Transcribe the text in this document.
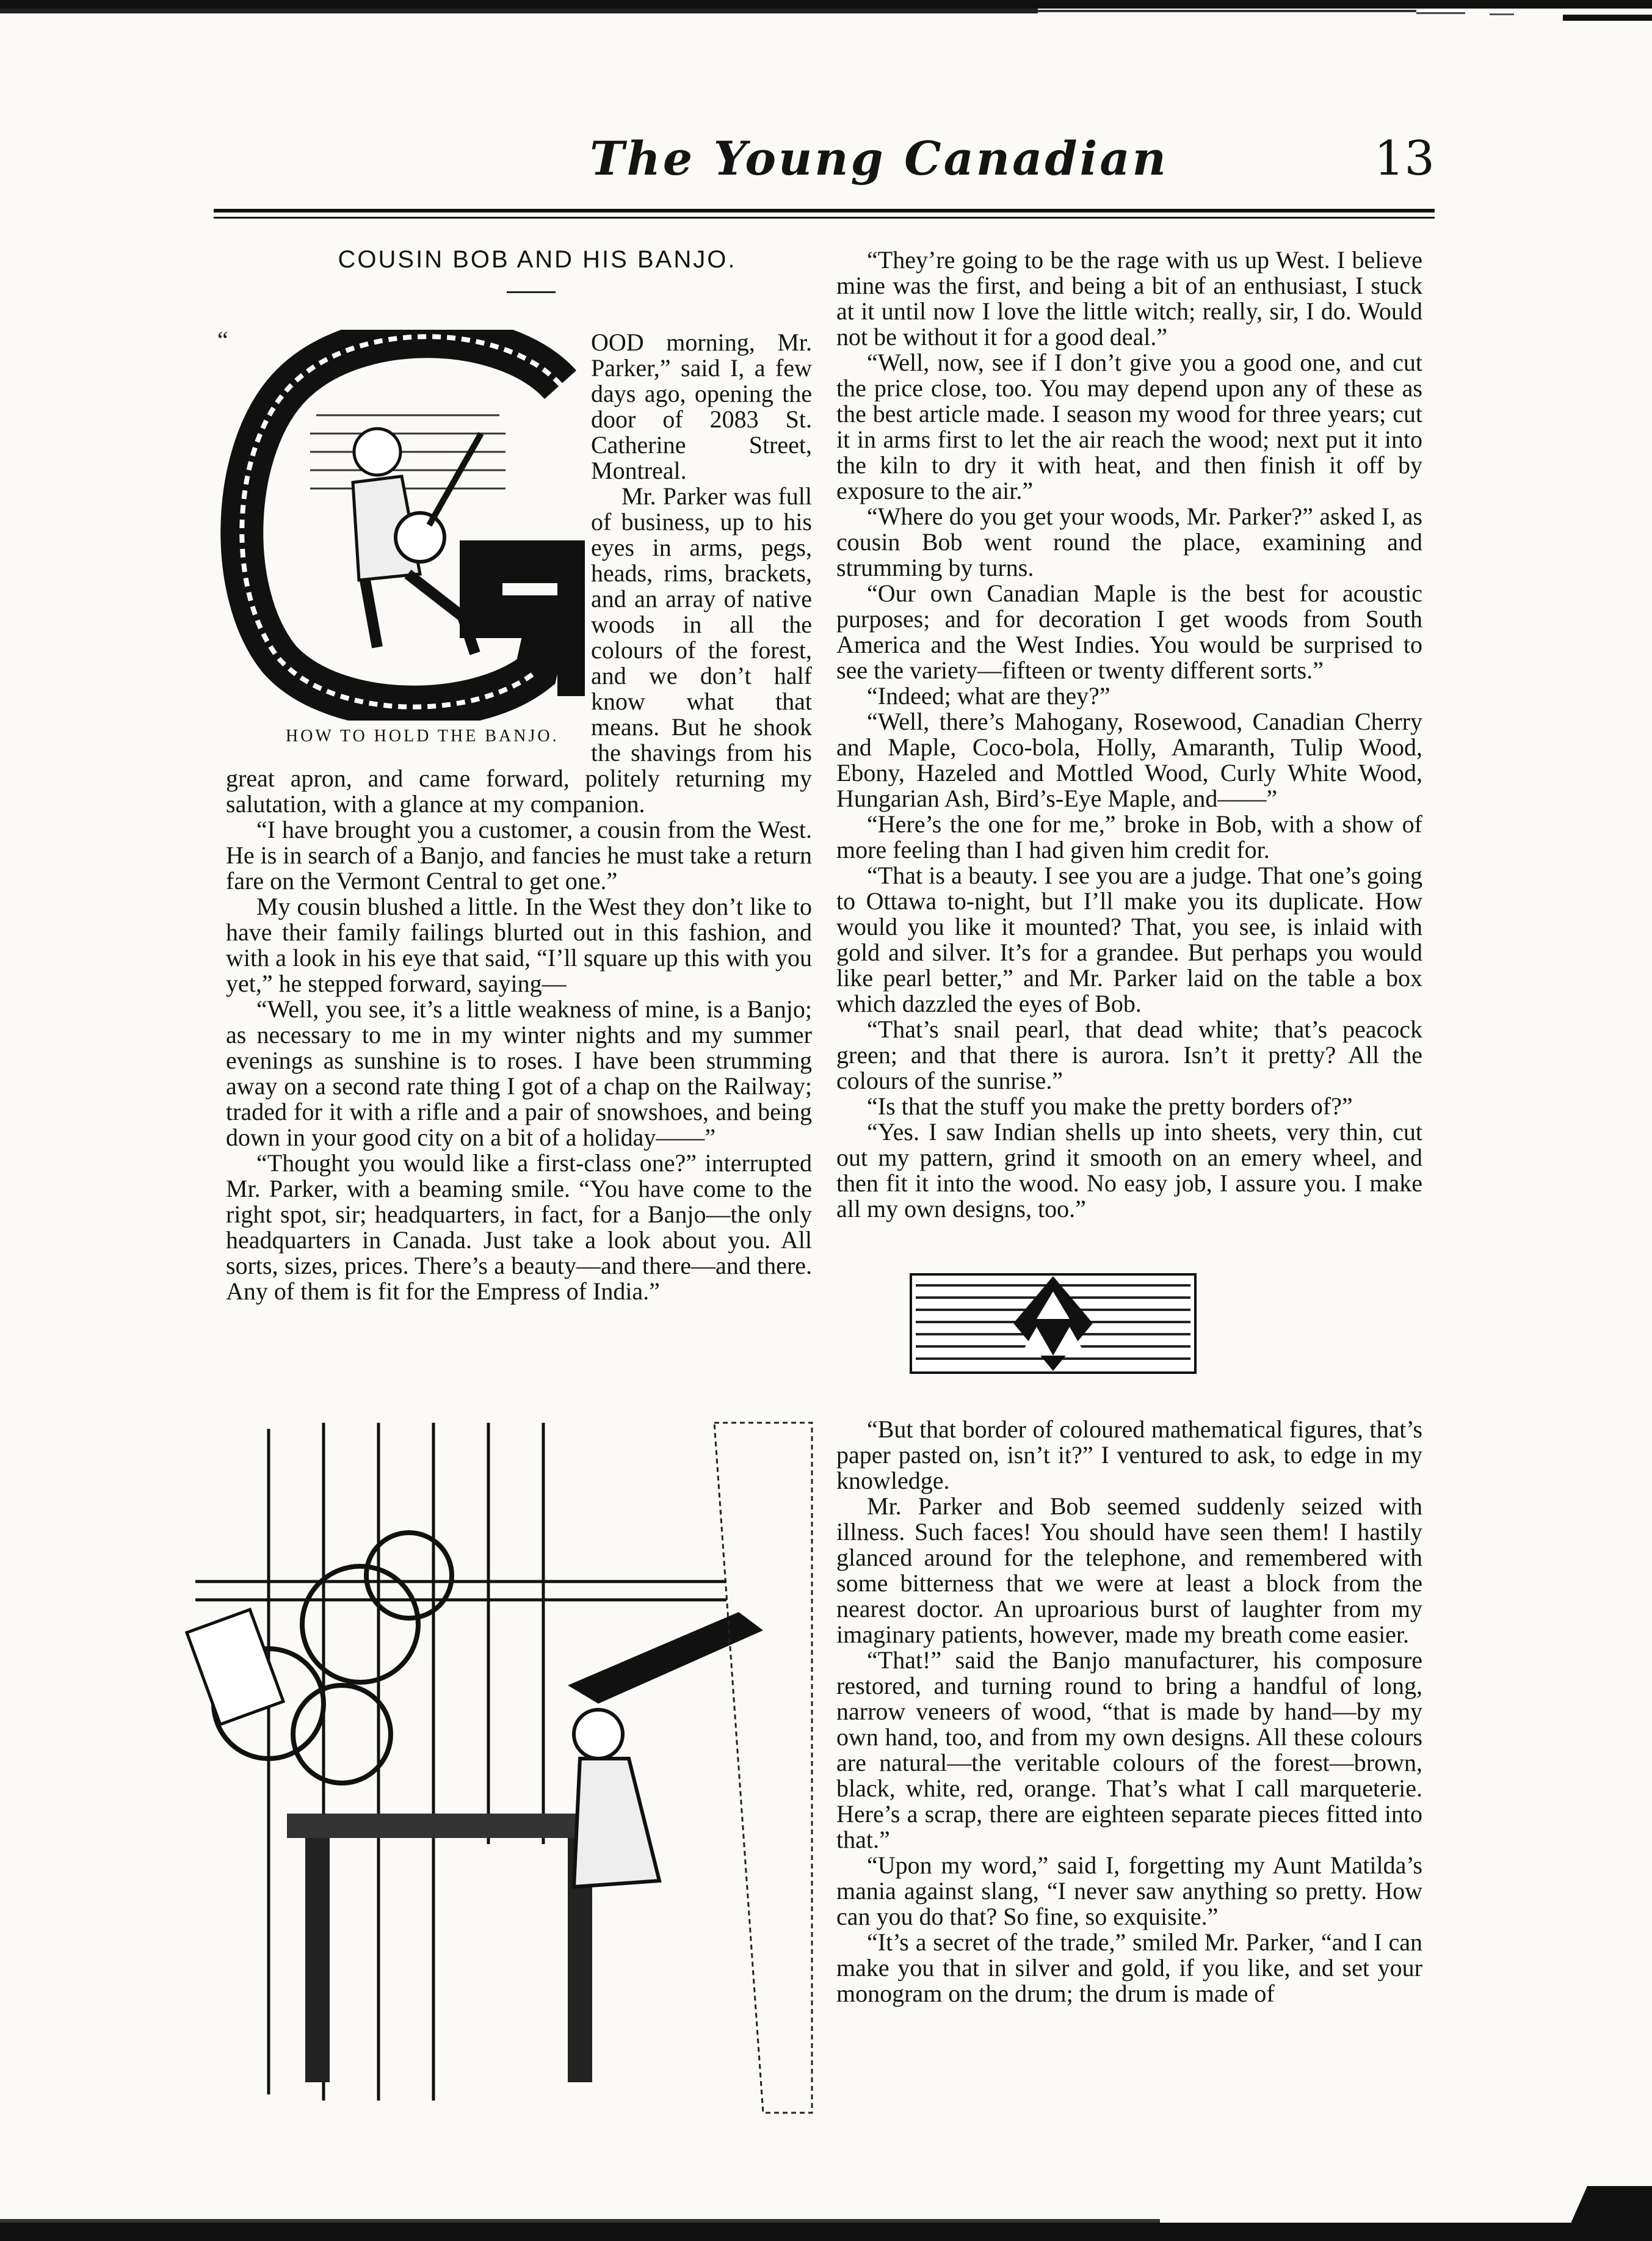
The Young Canadian	13
COUSIN BOB AND HIS BANJO.
“
HOW TO HOLD THE BANJO.

OOD morning, Mr. Parker,” said I, a few days ago, opening the door of 2083 St. Catherine Street, Montreal.

Mr. Parker was full of business, up to his eyes in arms, pegs, heads, rims, brackets, and an array of native woods in all the colours of the forest, and we don’t half know what that means. But he shook the shavings from his great apron, and came forward, politely returning my salutation, with a glance at my companion.

“I have brought you a customer, a cousin from the West. He is in search of a Banjo, and fancies he must take a return fare on the Vermont Central to get one.”

My cousin blushed a little. In the West they don’t like to have their family failings blurted out in this fashion, and with a look in his eye that said, “I’ll square up this with you yet,” he stepped forward, saying—

“Well, you see, it’s a little weakness of mine, is a Banjo; as necessary to me in my winter nights and my summer evenings as sunshine is to roses. I have been strumming away on a second rate thing I got of a chap on the Railway; traded for it with a rifle and a pair of snowshoes, and being down in your good city on a bit of a holiday——”

“Thought you would like a first-class one?” interrupted Mr. Parker, with a beaming smile. “You have come to the right spot, sir; headquarters, in fact, for a Banjo—the only headquarters in Canada. Just take a look about you. All sorts, sizes, prices. There’s a beauty—and there—and there. Any of them is fit for the Empress of India.”

“They’re going to be the rage with us up West. I believe mine was the first, and being a bit of an enthusiast, I stuck at it until now I love the little witch; really, sir, I do. Would not be without it for a good deal.”

“Well, now, see if I don’t give you a good one, and cut the price close, too. You may depend upon any of these as the best article made. I season my wood for three years; cut it in arms first to let the air reach the wood; next put it into the kiln to dry it with heat, and then finish it off by exposure to the air.”

“Where do you get your woods, Mr. Parker?” asked I, as cousin Bob went round the place, examining and strumming by turns.

“Our own Canadian Maple is the best for acoustic purposes; and for decoration I get woods from South America and the West Indies. You would be surprised to see the variety—fifteen or twenty different sorts.”

“Indeed; what are they?”

“Well, there’s Mahogany, Rosewood, Canadian Cherry and Maple, Coco-bola, Holly, Amaranth, Tulip Wood, Ebony, Hazeled and Mottled Wood, Curly White Wood, Hungarian Ash, Bird’s-Eye Maple, and——”

“Here’s the one for me,” broke in Bob, with a show of more feeling than I had given him credit for.

“That is a beauty. I see you are a judge. That one’s going to Ottawa to-night, but I’ll make you its duplicate. How would you like it mounted? That, you see, is inlaid with gold and silver. It’s for a grandee. But perhaps you would like pearl better,” and Mr. Parker laid on the table a box which dazzled the eyes of Bob.

“That’s snail pearl, that dead white; that’s peacock green; and that there is aurora. Isn’t it pretty? All the colours of the sunrise.”

“Is that the stuff you make the pretty borders of?”

“Yes. I saw Indian shells up into sheets, very thin, cut out my pattern, grind it smooth on an emery wheel, and then fit it into the wood. No easy job, I assure you. I make all my own designs, too.”

“But that border of coloured mathematical figures, that’s paper pasted on, isn’t it?” I ventured to ask, to edge in my knowledge.

Mr. Parker and Bob seemed suddenly seized with illness. Such faces! You should have seen them! I hastily glanced around for the telephone, and remembered with some bitterness that we were at least a block from the nearest doctor. An uproarious burst of laughter from my imaginary patients, however, made my breath come easier.

“That!” said the Banjo manufacturer, his composure restored, and turning round to bring a handful of long, narrow veneers of wood, “that is made by hand—by my own hand, too, and from my own designs. All these colours are natural—the veritable colours of the forest—brown, black, white, red, orange. That’s what I call marqueterie. Here’s a scrap, there are eighteen separate pieces fitted into that.”

“Upon my word,” said I, forgetting my Aunt Matilda’s mania against slang, “I never saw anything so pretty. How can you do that? So fine, so exquisite.”

“It’s a secret of the trade,” smiled Mr. Parker, “and I can make you that in silver and gold, if you like, and set your monogram on the drum; the drum is made of
